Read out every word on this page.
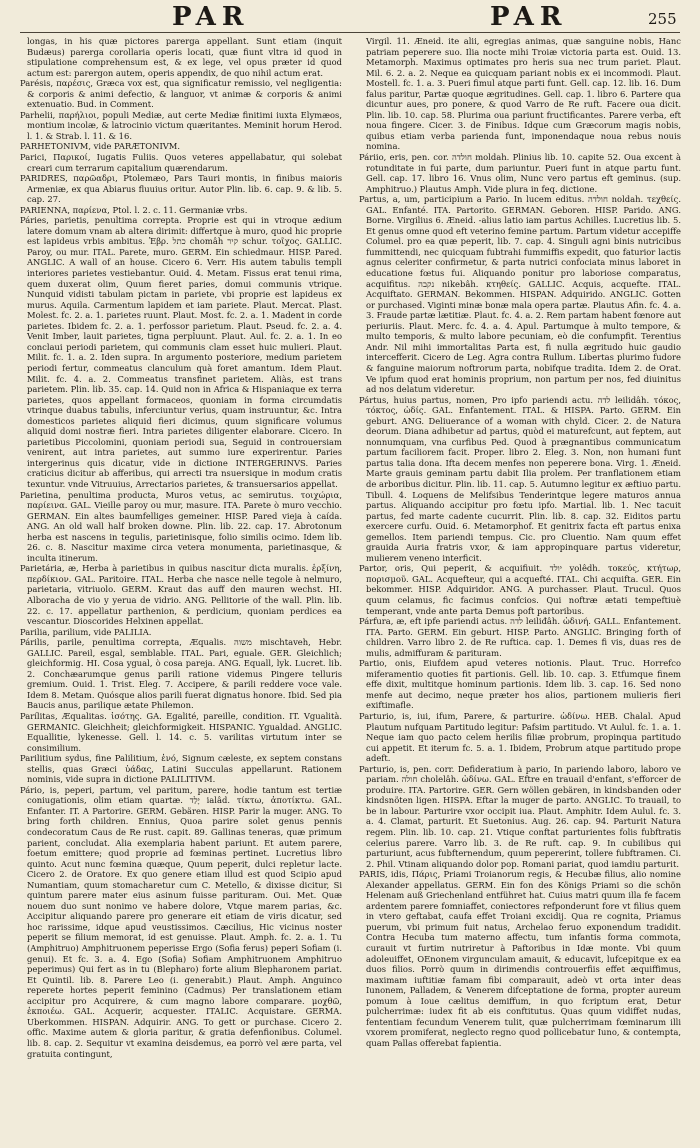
PAR	PAR	255

longas, in his quæ pictores parerga appellant. Sunt etiam (inquit Budæus) parerga corollaria operis locati, quæ fiunt vltra id quod in stipulatione comprehensum est, & ex lege, vel opus præter id quod actum est: parergon autem, operis appendix, de quo nihil actum erat.

Parésis, παρέσις, Græca vox est, qua significatur remissio, vel negligentia: & corporis & animi defectio, & languor, vt animæ & corporis & animi extenuatio. Bud. in Comment.

Parhelii, παρήλιοι, populi Mediæ, aut certe Mediæ finitimi iuxta Elymæos, montium incolæ, & latrocinio victum quæritantes. Meminit horum Herod. l. 1. & Strab. l. 11. & 16.

PARHETONIVM, vide PARÆTONIVM.

Parici, Παρικοί, Iugatis Fuliis. Quos veteres appellabatur, qui solebat creari cum terrarum capitalium quærendarum.

PARIDRES, παρῶαδρι, Ptolemæo, Pars Tauri montis, in finibus maioris Armeniæ, ex qua Abiarus fluuius oritur. Autor Plin. lib. 6. cap. 9. & lib. 5. cap. 27.

PARIENNA, παρίενα, Ptol. l. 2. c. 11. Germaniæ vrbs.

Páries, parietis, penultima correpta. Proprie est qui in vtroque ædium latere domum vnam ab altera dirimit: differtque à muro, quod hic proprie est lapideus vrbis ambitus. Ἑβρ. כתל chomâh קיר schur. τοῖχος. GALLIC. Paroy, ou mur. ITAL. Parete, muro. GERM. Ein schiedmaur. HISP. Pared. ANGLIC. A wall of an house. Cicero 6. Verr. His autem tabulis templi interiores parietes vestiebantur. Ouid. 4. Metam. Fissus erat tenui rima, quem duxerat olim, Quum fieret paries, domui communis vtrique. Nunquid vidisti tabulam pictam in pariete, vbi proprie est lapideus ex murus. Aquila. Carmentum lapidem et iam pariete. Plaut. Mercat. Plast. Molest. fc. 2. a. 1. parietes ruunt. Plaut. Most. fc. 2. a. 1. Madent in corde parietes. Ibidem fc. 2. a. 1. perfossor parietum. Plaut. Pseud. fc. 2. a. 4. Venit Imber, lauit parietes, tigna perpluunt. Plaut. Aul. fc. 2. a. 1. In eo conclaui periodi parietem, qui communis clam esset huic mulieri. Plaut. Milit. fc. 1. a. 2. Iden supra. In argumento posteriore, medium parietem periodi fertur, commeatus clanculum quà foret amantum. Idem Plaut. Milit. fc. 4. a. 2. Commeatus transfinet parietem. Aliàs, est trans parietem. Plin. lib. 35. cap. 14. Quid non in Africa & Hispaniaque ex terra parietes, quos appellant formaceos, quoniam in forma circumdatis vtrinque duabus tabulis, inferciuntur verius, quam instruuntur, &c. Intra domesticos parietes aliquid fieri dicimus, quum significare volumus aliquid domi nostræ fieri. Intra parietes diligenter elaborare. Cicero. In parietibus Piccolomini, quoniam periodi sua, Seguid in controuersiam venirent, aut intra parietes, aut summo iure experirentur. Paries intergerinus quis dicatur, vide in dictione INTERGERINVS. Paries craticius dicitur ab afferibus, qui arrecti tra nsuersique in modum cratis texuntur. vnde Vitruuius, Arrectarios parietes, & transuersarios appellat.

Parietina, penultima producta, Muros vetus, ac semirutus. τοιχώρια, παρίεινα. GAL. Vieille paroy ou mur, masure. ITA. Parete ò muro vecchio. GERMAN. Ein altes baumfelliges gemeiner. HISP. Pared vieja à caída. ANG. An old wall half broken downe. Plin. lib. 22. cap. 17. Abrotonum herba est nascens in tegulis, parietinisque, folio similis ocimo. Idem lib. 26. c. 8. Nascitur maxime circa vetera monumenta, parietinasque, & inculta itinerum.

Parietária, æ, Herba à parietibus in quibus nascitur dicta muralis. ἑρξίνη, περδίκιον. GAL. Paritoire. ITAL. Herba che nasce nelle tegole à nelmuro, parietaria, vitriuolo. GERM. Kraut das auff den mauren wechst. HI. Alboracha de vio y yerua de vidrio. ANG. Pellitorie of the wall. Plin. lib. 22. c. 17. appellatur parthenion, & perdicium, quoniam perdices ea vescantur. Dioscorides Helxinen appellat.

Parilia, parilium, vide PALILIA.

Párilis, parile, penultima correpta, Æqualis. משוה mischtaveh, Hebr. GALLIC. Pareil, esgal, semblable. ITAL. Pari, eguale. GER. Gleichlich; gleichformig. HI. Cosa ygual, ò cosa pareja. ANG. Equall, lyk. Lucret. lib. 2. Conchæarumque genus parili ratione videmus Pingere telluris gremium. Ouid. 1. Trist. Eleg. 7. Accipere, & parili reddere voce vale. Idem 8. Metam. Quósque alios parili fuerat dignatus honore. Ibid. Sed pia Baucis anus, parilique ætate Philemon.

Parílitas, Æqualitas. ἰσότης. GA. Egalité, pareille, condition. IT. Vgualità. GERMANIC. Gleichheit; gleichformigkeit. HISPANIC. Ygualdad. ANGLIC. Equallitie, lykenesse. Gell. l. 14. c. 5. varilitas virtutum inter se consimilium.

Parilitium sydus, fine Palilitium, ἐνό, Signum cæleste, ex septem constans stellis, quas Græci ὑάδας, Latini Succulas appellarunt. Rationem nominis, vide supra in dictione PALILITIVM.

Pário, is, peperi, partum, vel paritum, parere, hodie tantum est tertiæ coniugationis, olim etiam quartæ. יָלַד ialâd. τίκτω, ἀποτίκτω. GAL. Enfanter. IT. A Partorire. GERM. Gebären. HISP. Parir la muger. ANG. To bring forth children. Ennius, Quoa parire solet genus pennis condecoratum Caus de Re rust. capit. 89. Gallinas teneras, quæ primum parient, concludat. Alia exemplaria habent pariunt. Et autem parere, foetum emittere; quod proprie ad fœminas pertinet. Lucretius libro quinto. Acut nunc fœmina quæque, Quum peperit, dulci repletur lacte. Cicero 2. de Oratore. Ex quo genere etiam illud est quod Scipio apud Numantiam, quum stomacharetur cum C. Metello, & dixisse dicitur, Si quintum parere mater eius asinum fuisse parituram. Oui. Met. Quæ nouem duo sunt nonimo ve habere dolore, Vtque marem parias, &c. Accipitur aliquando parere pro generare eit etiam de viris dicatur, sed hoc rarissime, idque apud veustissimos. Cæcilius, Hic vicinus noster peperit se filium memorat, id est genuisse. Plaut. Amph. fc. 2. a. 1. Tu (Amphitruo) Amphitruonem peperisse Ergo (Sofia ferus) peperi Sofiam (i. genui). Et fc. 3. a. 4. Ego (Sofia) Sofiam Amphitruonem Amphitruo peperimus) Qui fert as in tu (Blepharo) forte alium Blepharonem pariat. Et Quintil. lib. 8. Parere Leo (i. generabit.) Plaut. Amph. Anguinco reperete hortes peperit feminino (Cadmus) Per translationem etiam accipitur pro Acquirere, & cum magno labore comparare. μοχθῶ, ἐκποιέω. GAL. Acquerir, acquester. ITALIC. Acquistare. GERMA. Uberkommen. HISPAN. Adquirir. ANG. To gett or purchase. Cicero 2. offic. Maxime autem & gloria paritur, & gratia defenfionibus. Columel. lib. 8. cap. 2. Sequitur vt examina deisdemus, ea porrò vel ære parta, vel gratuita contingunt,

Virgil. 11. Æneid. ite alii, egregias animas, quæ sanguine nobis, Hanc patriam peperere suo. Ilia nocte mihi Troiæ victoria parta est. Ouid. 13. Metamorph. Maximus optimates pro heris sua nec trum pariet. Plaut. Mil. 6. 2. a. 2. Neque ea quicquam pariant nobis ex ei incommodi. Plaut. Mostell. fc. 1. a. 3. Pueri fimul atque parti funt. Gell. cap. 12. lib. 16. Dum falus paritur, Partæ quoque ægritudines. Gell. cap. 1. libro 6. Partere qua dicuntur aues, pro ponere, & quod Varro de Re ruft. Facere oua dicit. Plin. lib. 10. cap. 58. Plurima oua pariunt fructificantes. Parere verba, eft noua fingere. Cicer. 3. de Finibus. Idque cum Græcorum magis nobis, quibus etiam verba parienda funt, imponendaque noua rebus nouis nomina.

Páriio, eris, pen. cor. חולדה moldah. Plinius lib. 10. capite 52. Oua excent à rotunditate in fui parte, dum pariuntur. Pueri funt in atque partu funt. Gell. cap. 17. libro 16. Vnus olim, Nunc vero partus eft geminus. (sup. Amphitruo.) Plautus Amph. Vide plura in feq. dictione.

Partus, a, um, participium a Pario. In lucem editus. חולדה noldah. τεχθείς. GAL. Enfanté. ITA. Partorito. GERMAN. Geboren. HISP. Parido. ANG. Borne. Virgilius 6. Æneid. -alius latio iam partus Achilles. Lucretius lib. 5. Et genus omne quod eft veterino femine partum. Partum videtur accepiffe Columel. pro ea quæ peperit, lib. 7. cap. 4. Singuli agni binis nutricibus fummittendi, nec quicquam fubtrahi fummiffis expedit, quo faturior lactis agnus celeriter confirmetur, & parta nutrici confociata minus laboret in educatione fœtus fui. Aliquando ponitur pro laboriose comparatus, acquifitus. נקבה nikebâh. κτηθείς. GALLIC. Acquis, acquefte. ITAL. Acquiftato. GERMAN. Bekommen. HISPAN. Adquirido. ANGLIC. Gotten or purchased. Viginti minæ bonæ mala opera partæ. Plautus Afin. fc. 4. a. 3. Fraude partæ lætitiæ. Plaut. fc. 4. a. 2. Rem partam habent fœnore aut periuriis. Plaut. Merc. fc. 4. a. 4. Apul. Partumque à multo tempore, & multo temporis, & multo labore pecuniam, eò die confumpfit. Terentius Andr. Nil mihi immortalitas Parta est, fi nulla ægritudo huic gaudio intercefferit. Cicero de Leg. Agra contra Rullum. Libertas plurimo fudore & fanguine maiorum noftrorum parta, nobifque tradita. Idem 2. de Orat. Ve ipfum quod erat hominis proprium, non partum per nos, fed diuinitus ad nos delatum videretur.

Pártus, huius partus, nomen, Pro ipfo pariendi actu. לדה leilidâh. τόκος, τόκτος, ὠδίς. GAL. Enfantement. ITAL. & HISPA. Parto. GERM. Ein geburt. ANG. Deliuerance of a woman with chyld. Cicer. 2. de Natura deorum. Diana adhibetur ad partus, quòd ei maturefcunt, aut feptem, aut nonnumquam, vna curfibus Ped. Quod à prægnantibus communicatum partum faciliorem facit. Proper. libro 2. Eleg. 3. Non, non humani funt partus talia dona. Ifta decem menfes non peperere bona. Virg. 1. Æneid. Marte grauis geminam partu dabit Ilia prolem. Per tranflationem etiam de arboribus dicitur. Plin. lib. 11. cap. 5. Autumno legitur ex æftiuo partu. Tibull. 4. Loquens de Melifsibus Tenderintque legere maturos annua partus. Aliquando accipitur pro fœtu ipfo. Martial. lib. 1. Nec tacuit partus, fed marte cadente cucurrit. Plin. lib. 8. cap. 32. Eiditos partu exercere curfu. Ouid. 6. Metamorphof. Et genitrix facta eft partus enixa gemellos. Item pariendi tempus. Cic. pro Cluentio. Nam quum effet grauida Auria fratris vxor, & iam appropinquare partus videretur, mulierem veneno interficit.

Partor, oris, Qui peperit, & acquifiuit. יולד yolêdh. τοκεύς, κτήτωρ, πορισμοῦ. GAL. Acquefteur, qui a acquefté. ITAL. Chi acquifta. GER. Ein bekommer. HISP. Adquiridor. ANG. A purchasser. Plaut. Trucul. Quos quum celamus, fic facimus confcios. Qui noftræ ætati tempeftiuè temperant, vnde ante parta Demus poft partoribus.

Párfura, æ, eft ipfe pariendi actus. לדה leiliđâh. ὠδινή. GALL. Enfantement. ITA. Parto. GERM. Ein geburt. HISP. Parto. ANGLIC. Bringing forth of children. Varro libro 2. de Re ruftica. cap. 1. Demes fi vis, duas res de mulis, admiffuram & parituram.

Partio, onis, Eiufdem apud veteres notionis. Plaut. Truc. Horrefco miferamentio quoties fit partionis. Gell. lib. 10. cap. 3. Etfumque finem effe dixit, multitque hominum partionis. Idem lib. 3. cap. 16. Sed nono menfe aut decimo, neque præter hos alios, partionem mulieris fieri exiftimafle.

Parturio, is, iui, ifum, Parere, & parturire. ὠδίνω. HEB. Chalal. Apud Plautum nufquam Partitudo legitur: Pafsim partitudo. Vt Aulul. fc. 1. a. 1. Neque iam quo pacto celem herilis filiæ probrum, propinqua partitudo cui appetit. Et iterum fc. 5. a. 1. Ibidem, Probrum atque partitudo prope adeft.

Parturio, is, pen. corr. Defideratium à pario, In pariendo laboro, laboro ve pariam. חולה cholelâh. ὠδίνω. GAL. Eftre en trauail d'enfant, s'efforcer de produire. ITA. Partorire. GER. Gern wöllen gebären, in kindsbanden oder kindsnöten ligen. HISPA. Eftar la muger de parto. ANGLIC. To trauail, to be in labour. Parturire vxor occipit iua. Plaut. Amphitr. Idem Aulul. fc. 3. a. 4. Clamat, parturit. Et Suetonius. Aug. 26. cap. 94. Parturit Natura regem. Plin. lib. 10. cap. 21. Vtique conftat parturientes folis fubftratis celerius parere. Varro lib. 3. de Re ruft. cap. 9. In cubilibus qui parturiunt, acus fubfternendum, quum pepererint, tollere fubftramen. Ci. 2. Phil. Vtinam aliquando dolor pop. Romani pariat, quod iamdiu parturit.

PARIS, idis, Πάρις, Priami Troianorum regis, & Hecubæ filius, alio nomine Alexander appellatus. GERM. Ein fon des Königs Priami so die schön Helenam auß Griechenland entführet hat. Cuius matri quum illa fe facem ardentem parere fomniaffet, coniectores refponderunt fore vt filius quem in vtero geftabat, caufa effet Troiani excidij. Qua re cognita, Priamus puerum, vbi primum fuit natus, Archelao feruo exponendum tradidit. Contra Hecuba tum materno affectu, tum infantis forma commota, curauit vt furtim nutriretur à Paftoribus in Idæ monte. Vbi quum adoleuiffet, OEnonem virgunculam amauit, & educavit, lufcepitque ex ea duos filios. Porrò quum in dirimendis controuerfiis effet æquiffimus, maximam iuftitiæ famam fibi comparauit, adeò vt orta inter deas Iunonem, Palladem, & Venerem difceptatione de forma, propter aureum pomum à Ioue cælitus demiffum, in quo fcriptum erat, Detur pulcherrimæ: iudex fit ab eis conftitutus. Quas quum vidiffet nudas, fententiam fecundum Venerem tulit, quæ pulcherrimam fœminarum illi vxorem promiferat, neglecto regno quod pollicebatur Iuno, & contempta, quam Pallas offerebat fapientia.
